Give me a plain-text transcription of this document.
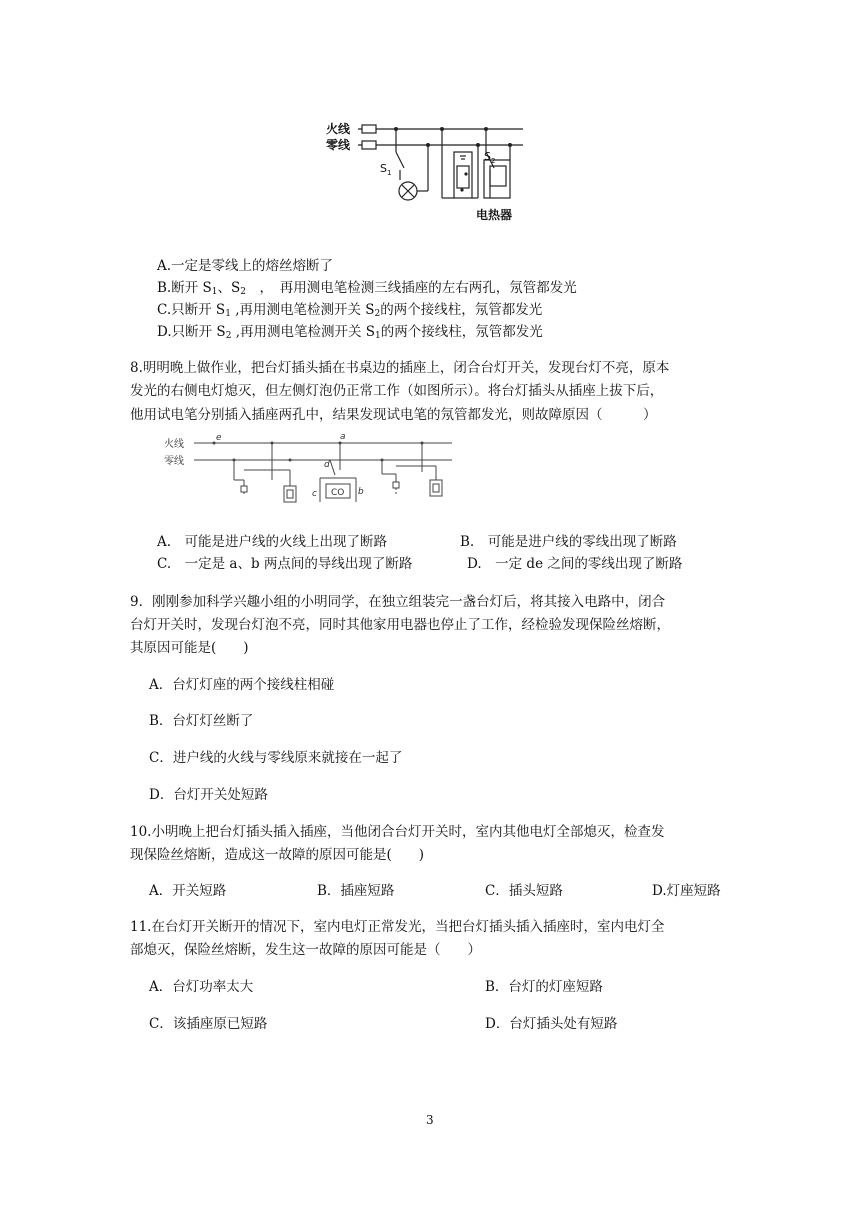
火线
零线
$S_1$
$S_2$
电热器
A.一定是零线上的熔丝熔断了
B.断开 $S_1$、$S_2$　，　再用测电笔检测三线插座的左右两孔，氖管都发光
C.只断开 $S_1$ ,再用测电笔检测开关 $S_2$的两个接线柱，氖管都发光
D.只断开 $S_2$ ,再用测电笔检测开关 $S_1$的两个接线柱，氖管都发光
8.明明晚上做作业，把台灯插头插在书桌边的插座上，闭合台灯开关，发现台灯不亮，原本
发光的右侧电灯熄灭，但左侧灯泡仍正常工作（如图所示）。将台灯插头从插座上拔下后，
他用试电笔分别插入插座两孔中，结果发现试电笔的氖管都发光，则故障原因（　　　）
火线
零线
e	a
d
c	b
CO
A.　可能是进户线的火线上出现了断路	B.　可能是进户线的零线出现了断路
C.　一定是 a、b 两点间的导线出现了断路	D.　一定 de 之间的零线出现了断路
9．刚刚参加科学兴趣小组的小明同学，在独立组装完一盏台灯后，将其接入电路中，闭合
台灯开关时，发现台灯泡不亮，同时其他家用电器也停止了工作，经检验发现保险丝熔断，
其原因可能是(　　)
A．台灯灯座的两个接线柱相碰
B．台灯灯丝断了
C．进户线的火线与零线原来就接在一起了
D．台灯开关处短路
10.小明晚上把台灯插头插入插座，当他闭合台灯开关时，室内其他电灯全部熄灭，检查发
现保险丝熔断，造成这一故障的原因可能是(　　)
A．开关短路	B．插座短路	C．插头短路	D.灯座短路
11.在台灯开关断开的情况下，室内电灯正常发光，当把台灯插头插入插座时，室内电灯全
部熄灭，保险丝熔断，发生这一故障的原因可能是（　　）
A．台灯功率太大	B．台灯的灯座短路
C．该插座原已短路	D．台灯插头处有短路
3
